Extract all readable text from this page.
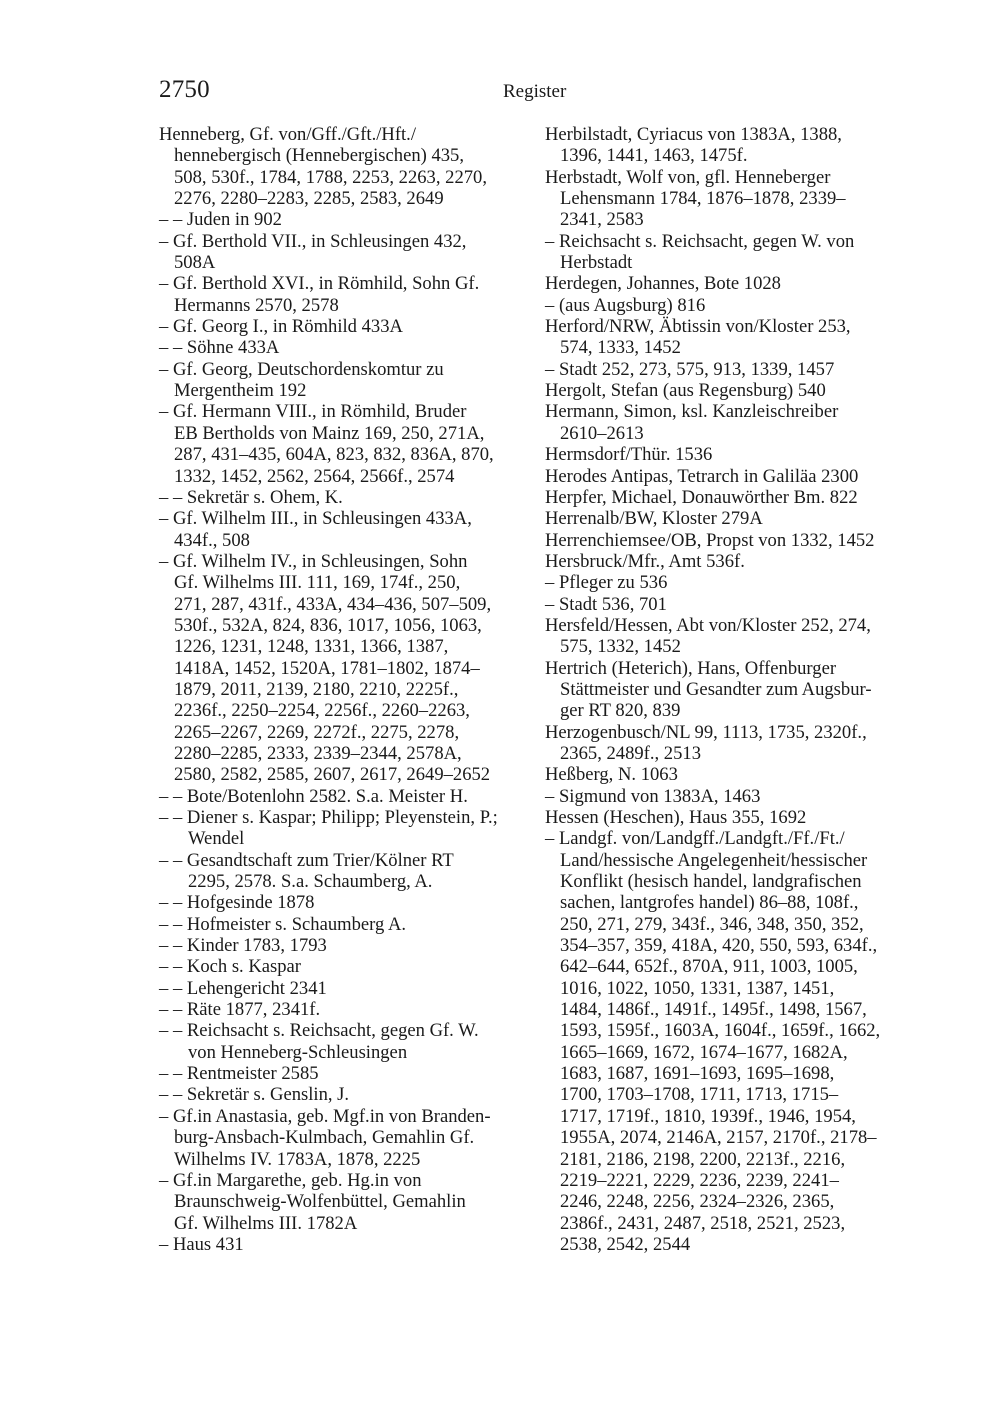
2750	Register
Henneberg, Gf. von/Gff./Gft./Hft./
hennebergisch (Hennebergischen) 435,
508, 530f., 1784, 1788, 2253, 2263, 2270,
2276, 2280–2283, 2285, 2583, 2649
– – Juden in 902
– Gf. Berthold VII., in Schleusingen 432,
508A
– Gf. Berthold XVI., in Römhild, Sohn Gf.
Hermanns 2570, 2578
– Gf. Georg I., in Römhild 433A
– – Söhne 433A
– Gf. Georg, Deutschordenskomtur zu
Mergentheim 192
– Gf. Hermann VIII., in Römhild, Bruder
EB Bertholds von Mainz 169, 250, 271A,
287, 431–435, 604A, 823, 832, 836A, 870,
1332, 1452, 2562, 2564, 2566f., 2574
– – Sekretär s. Ohem, K.
– Gf. Wilhelm III., in Schleusingen 433A,
434f., 508
– Gf. Wilhelm IV., in Schleusingen, Sohn
Gf. Wilhelms III. 111, 169, 174f., 250,
271, 287, 431f., 433A, 434–436, 507–509,
530f., 532A, 824, 836, 1017, 1056, 1063,
1226, 1231, 1248, 1331, 1366, 1387,
1418A, 1452, 1520A, 1781–1802, 1874–
1879, 2011, 2139, 2180, 2210, 2225f.,
2236f., 2250–2254, 2256f., 2260–2263,
2265–2267, 2269, 2272f., 2275, 2278,
2280–2285, 2333, 2339–2344, 2578A,
2580, 2582, 2585, 2607, 2617, 2649–2652
– – Bote/Botenlohn 2582. S.a. Meister H.
– – Diener s. Kaspar; Philipp; Pleyenstein, P.;
Wendel
– – Gesandtschaft zum Trier/Kölner RT
2295, 2578. S.a. Schaumberg, A.
– – Hofgesinde 1878
– – Hofmeister s. Schaumberg A.
– – Kinder 1783, 1793
– – Koch s. Kaspar
– – Lehengericht 2341
– – Räte 1877, 2341f.
– – Reichsacht s. Reichsacht, gegen Gf. W.
von Henneberg-Schleusingen
– – Rentmeister 2585
– – Sekretär s. Genslin, J.
– Gf.in Anastasia, geb. Mgf.in von Branden-
burg-Ansbach-Kulmbach, Gemahlin Gf.
Wilhelms IV. 1783A, 1878, 2225
– Gf.in Margarethe, geb. Hg.in von
Braunschweig-Wolfenbüttel, Gemahlin
Gf. Wilhelms III. 1782A
– Haus 431
Herbilstadt, Cyriacus von 1383A, 1388,
1396, 1441, 1463, 1475f.
Herbstadt, Wolf von, gfl. Henneberger
Lehensmann 1784, 1876–1878, 2339–
2341, 2583
– Reichsacht s. Reichsacht, gegen W. von
Herbstadt
Herdegen, Johannes, Bote 1028
– (aus Augsburg) 816
Herford/NRW, Äbtissin von/Kloster 253,
574, 1333, 1452
– Stadt 252, 273, 575, 913, 1339, 1457
Hergolt, Stefan (aus Regensburg) 540
Hermann, Simon, ksl. Kanzleischreiber
2610–2613
Hermsdorf/Thür. 1536
Herodes Antipas, Tetrarch in Galiläa 2300
Herpfer, Michael, Donauwörther Bm. 822
Herrenalb/BW, Kloster 279A
Herrenchiemsee/OB, Propst von 1332, 1452
Hersbruck/Mfr., Amt 536f.
– Pfleger zu 536
– Stadt 536, 701
Hersfeld/Hessen, Abt von/Kloster 252, 274,
575, 1332, 1452
Hertrich (Heterich), Hans, Offenburger
Stättmeister und Gesandter zum Augsbur-
ger RT 820, 839
Herzogenbusch/NL 99, 1113, 1735, 2320f.,
2365, 2489f., 2513
Heßberg, N. 1063
– Sigmund von 1383A, 1463
Hessen (Heschen), Haus 355, 1692
– Landgf. von/Landgff./Landgft./Ff./Ft./
Land/hessische Angelegenheit/hessischer
Konflikt (hesisch handel, landgrafischen
sachen, lantgrofes handel) 86–88, 108f.,
250, 271, 279, 343f., 346, 348, 350, 352,
354–357, 359, 418A, 420, 550, 593, 634f.,
642–644, 652f., 870A, 911, 1003, 1005,
1016, 1022, 1050, 1331, 1387, 1451,
1484, 1486f., 1491f., 1495f., 1498, 1567,
1593, 1595f., 1603A, 1604f., 1659f., 1662,
1665–1669, 1672, 1674–1677, 1682A,
1683, 1687, 1691–1693, 1695–1698,
1700, 1703–1708, 1711, 1713, 1715–
1717, 1719f., 1810, 1939f., 1946, 1954,
1955A, 2074, 2146A, 2157, 2170f., 2178–
2181, 2186, 2198, 2200, 2213f., 2216,
2219–2221, 2229, 2236, 2239, 2241–
2246, 2248, 2256, 2324–2326, 2365,
2386f., 2431, 2487, 2518, 2521, 2523,
2538, 2542, 2544
